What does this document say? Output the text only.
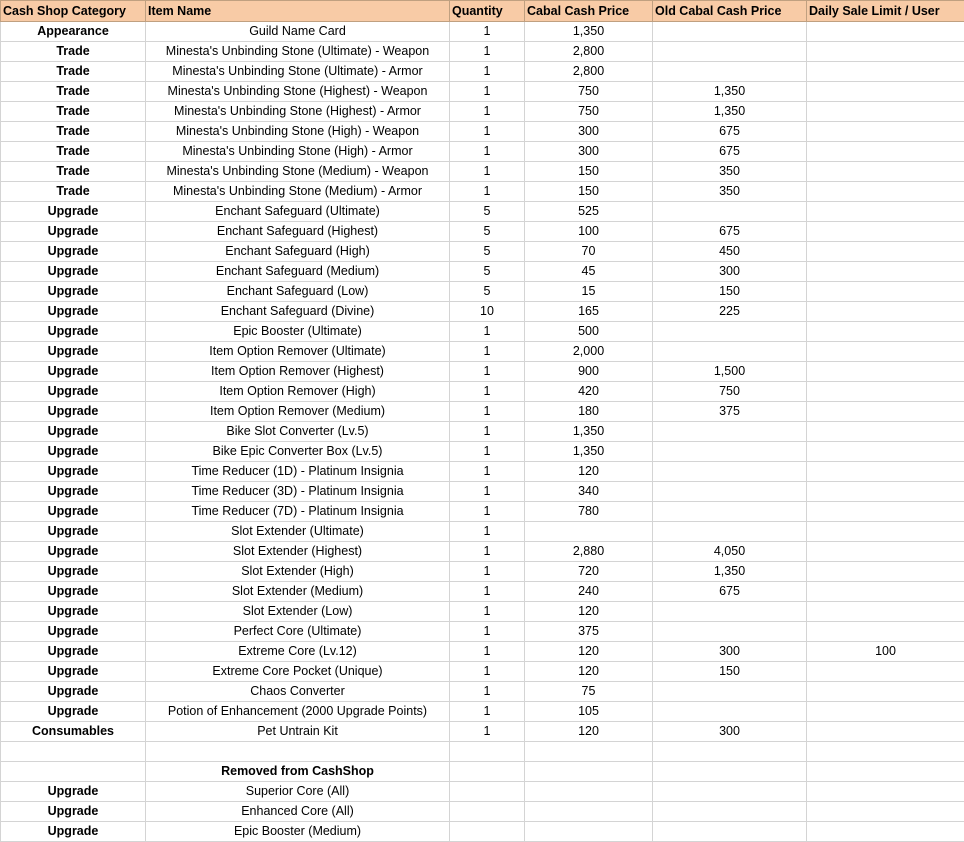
Cash Shop Category	Item Name	Quantity	Cabal Cash Price	Old Cabal Cash Price	Daily Sale Limit / User
Appearance	Guild Name Card	1	1,350		
Trade	Minesta's Unbinding Stone (Ultimate) - Weapon	1	2,800		
Trade	Minesta's Unbinding Stone (Ultimate) - Armor	1	2,800		
Trade	Minesta's Unbinding Stone (Highest) - Weapon	1	750	1,350	
Trade	Minesta's Unbinding Stone (Highest) - Armor	1	750	1,350	
Trade	Minesta's Unbinding Stone (High) - Weapon	1	300	675	
Trade	Minesta's Unbinding Stone (High) - Armor	1	300	675	
Trade	Minesta's Unbinding Stone (Medium) - Weapon	1	150	350	
Trade	Minesta's Unbinding Stone (Medium) - Armor	1	150	350	
Upgrade	Enchant Safeguard (Ultimate)	5	525		
Upgrade	Enchant Safeguard (Highest)	5	100	675	
Upgrade	Enchant Safeguard (High)	5	70	450	
Upgrade	Enchant Safeguard (Medium)	5	45	300	
Upgrade	Enchant Safeguard (Low)	5	15	150	
Upgrade	Enchant Safeguard (Divine)	10	165	225	
Upgrade	Epic Booster (Ultimate)	1	500		
Upgrade	Item Option Remover (Ultimate)	1	2,000		
Upgrade	Item Option Remover (Highest)	1	900	1,500	
Upgrade	Item Option Remover (High)	1	420	750	
Upgrade	Item Option Remover (Medium)	1	180	375	
Upgrade	Bike Slot Converter (Lv.5)	1	1,350		
Upgrade	Bike Epic Converter Box (Lv.5)	1	1,350		
Upgrade	Time Reducer (1D) - Platinum Insignia	1	120		
Upgrade	Time Reducer (3D) - Platinum Insignia	1	340		
Upgrade	Time Reducer (7D) - Platinum Insignia	1	780		
Upgrade	Slot Extender (Ultimate)	1			
Upgrade	Slot Extender (Highest)	1	2,880	4,050	
Upgrade	Slot Extender (High)	1	720	1,350	
Upgrade	Slot Extender (Medium)	1	240	675	
Upgrade	Slot Extender (Low)	1	120		
Upgrade	Perfect Core (Ultimate)	1	375		
Upgrade	Extreme Core (Lv.12)	1	120	300	100
Upgrade	Extreme Core Pocket (Unique)	1	120	150	
Upgrade	Chaos Converter	1	75		
Upgrade	Potion of Enhancement (2000 Upgrade Points)	1	105		
Consumables	Pet Untrain Kit	1	120	300	

	Removed from CashShop				
Upgrade	Superior Core (All)				
Upgrade	Enhanced Core (All)				
Upgrade	Epic Booster (Medium)				
